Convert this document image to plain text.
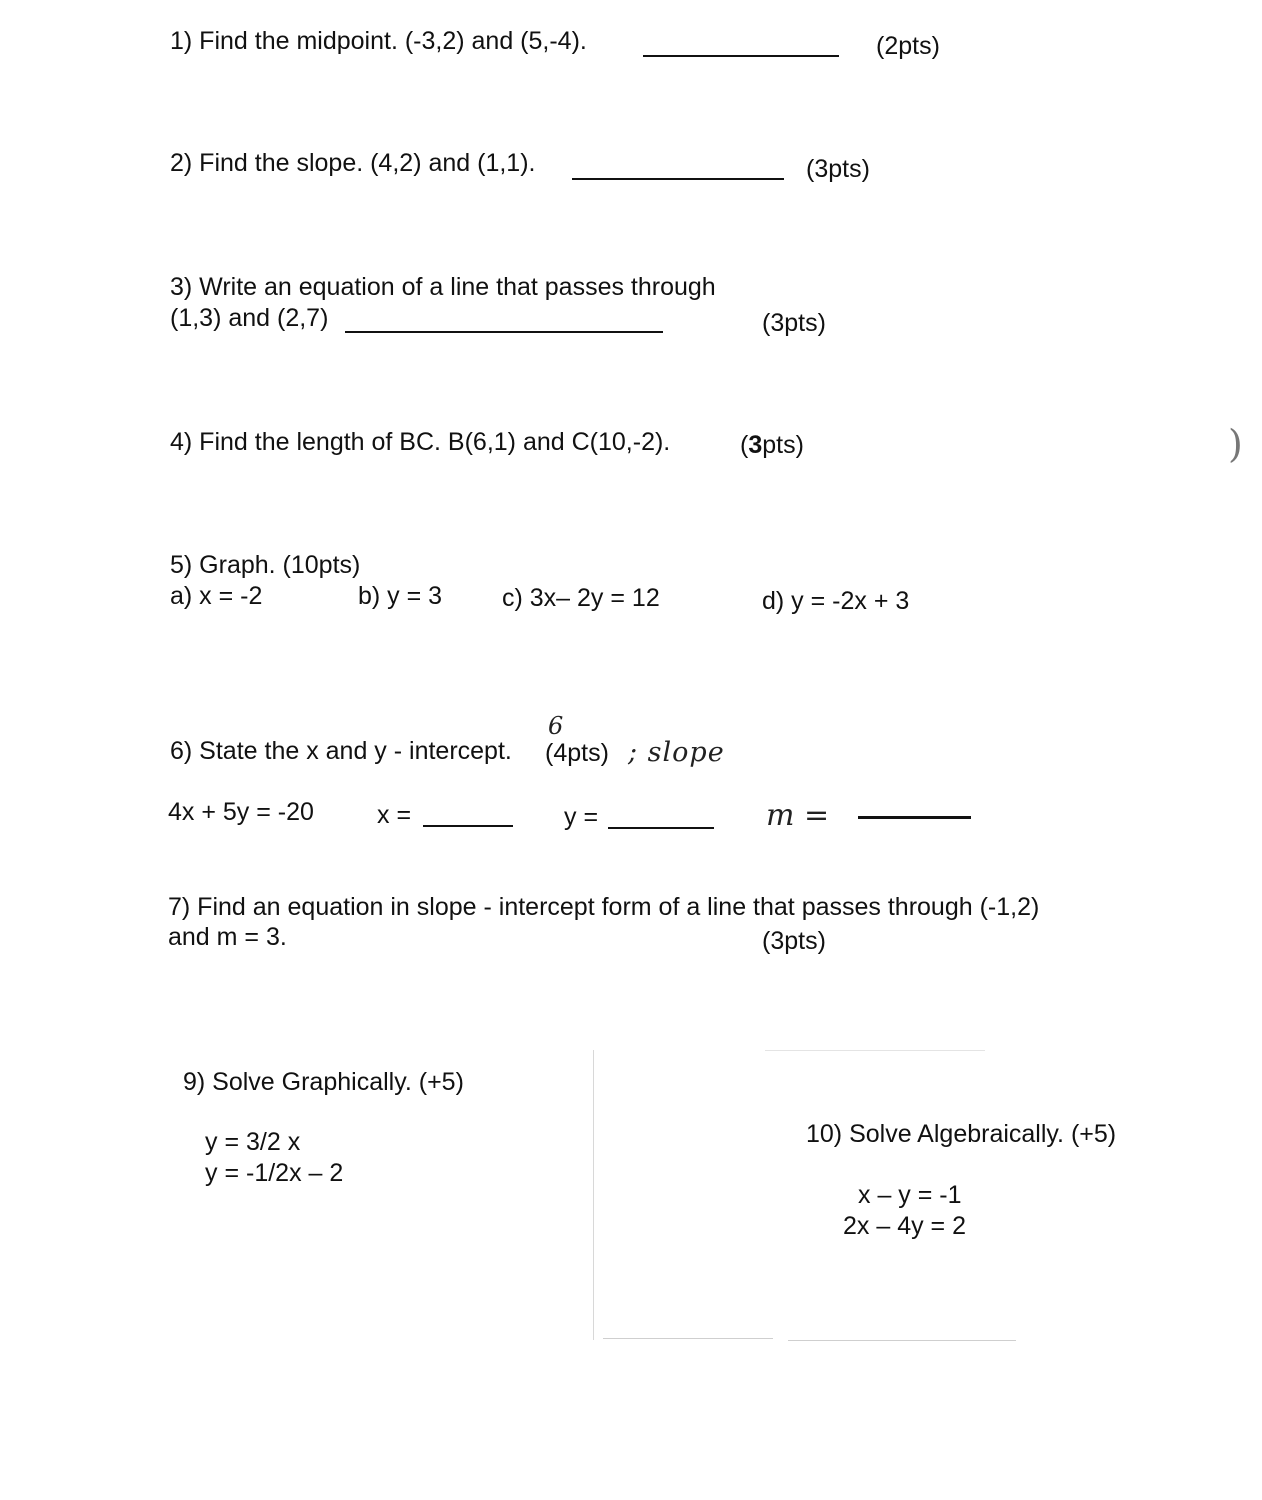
1) Find the midpoint. (-3,2) and (5,-4).	(2pts)
2) Find the slope. (4,2) and (1,1).	(3pts)
3) Write an equation of a line that passes through
(1,3) and (2,7)	(3pts)
4) Find the length of BC. B(6,1) and C(10,-2).	(3pts)
5) Graph. (10pts)
a) x = -2	b) y = 3 c) 3x– 2y = 12	d) y = -2x + 3
6) State the x and y - intercept. (4pts)
6
; slope
4x + 5y = -20	x =	y =	m =
7) Find an equation in slope - intercept form of a line that passes through (-1,2)
and m = 3.	(3pts)
)
9) Solve Graphically. (+5)
y = 3/2 x
y = -1/2x – 2
10) Solve Algebraically. (+5)
x – y = -1
2x – 4y = 2
